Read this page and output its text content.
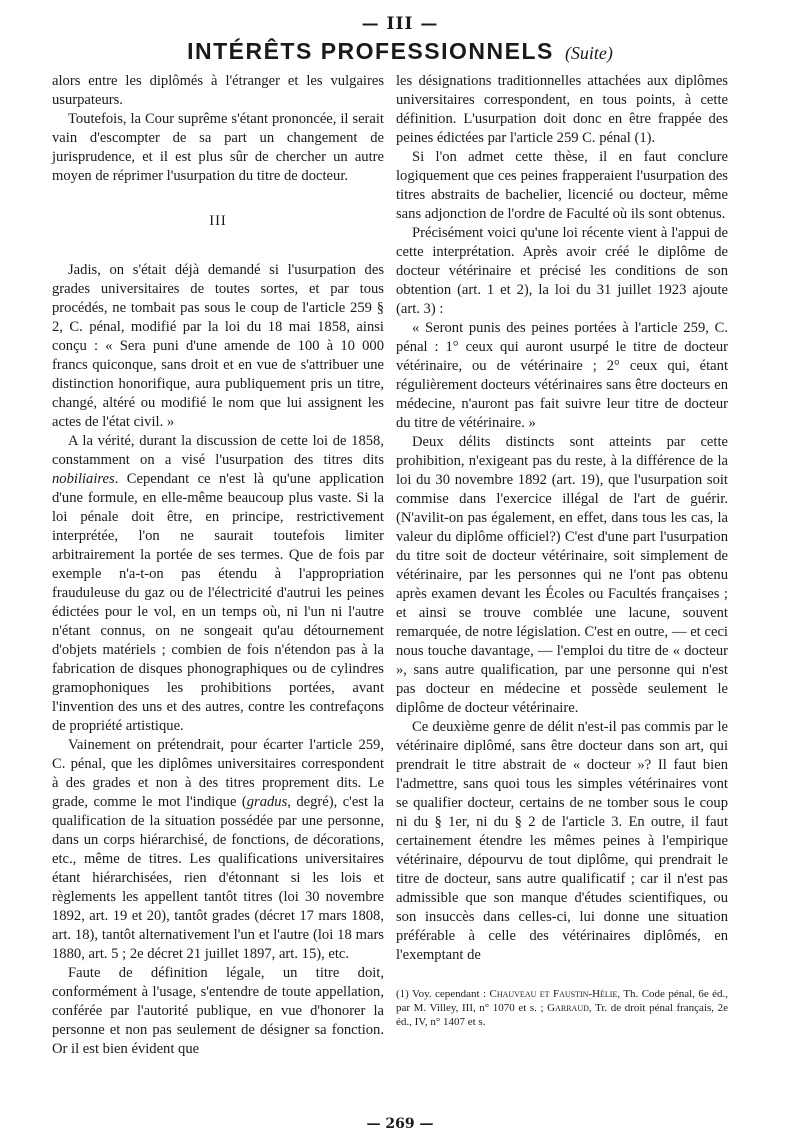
— III —
INTÉRÊTS PROFESSIONNELS (Suite)

alors entre les diplômés à l'étranger et les vulgaires usurpateurs.

Toutefois, la Cour suprême s'étant prononcée, il serait vain d'escompter de sa part un changement de jurisprudence, et il est plus sûr de chercher un autre moyen de réprimer l'usurpation du titre de docteur.

III

Jadis, on s'était déjà demandé si l'usurpation des grades universitaires de toutes sortes, et par tous procédés, ne tombait pas sous le coup de l'article 259 § 2, C. pénal, modifié par la loi du 18 mai 1858, ainsi conçu : « Sera puni d'une amende de 100 à 10 000 francs quiconque, sans droit et en vue de s'attribuer une distinction honorifique, aura publiquement pris un titre, changé, altéré ou modifié le nom que lui assignent les actes de l'état civil. »

A la vérité, durant la discussion de cette loi de 1858, constamment on a visé l'usurpation des titres dits nobiliaires. Cependant ce n'est là qu'une application d'une formule, en elle-même beaucoup plus vaste. Si la loi pénale doit être, en principe, restrictivement interprétée, l'on ne saurait toutefois limiter arbitrairement la portée de ses termes. Que de fois par exemple n'a-t-on pas étendu à l'appropriation frauduleuse du gaz ou de l'électricité d'autrui les peines édictées pour le vol, en un temps où, ni l'un ni l'autre n'étant connus, on ne songeait qu'au détournement d'objets matériels ; combien de fois n'étendon pas à la fabrication de disques phonographiques ou de cylindres gramophoniques les prohibitions portées, avant l'invention des uns et des autres, contre les contrefaçons de propriété artistique.

Vainement on prétendrait, pour écarter l'article 259, C. pénal, que les diplômes universitaires correspondent à des grades et non à des titres proprement dits. Le grade, comme le mot l'indique (gradus, degré), c'est la qualification de la situation possédée par une personne, dans un corps hiérarchisé, de fonctions, de décorations, etc., même de titres. Les qualifications universitaires étant hiérarchisées, rien d'étonnant si les lois et règlements les appellent tantôt titres (loi 30 novembre 1892, art. 19 et 20), tantôt grades (décret 17 mars 1808, art. 18), tantôt alternativement l'un et l'autre (loi 18 mars 1880, art. 5 ; 2e décret 21 juillet 1897, art. 15), etc.

Faute de définition légale, un titre doit, conformément à l'usage, s'entendre de toute appellation, conférée par l'autorité publique, en vue d'honorer la personne et non pas seulement de désigner sa fonction. Or il est bien évident que

les désignations traditionnelles attachées aux diplômes universitaires correspondent, en tous points, à cette définition. L'usurpation doit donc en être frappée des peines édictées par l'article 259 C. pénal (1).

Si l'on admet cette thèse, il en faut conclure logiquement que ces peines frapperaient l'usurpation des titres abstraits de bachelier, licencié ou docteur, même sans adjonction de l'ordre de Faculté où ils sont obtenus.

Précisément voici qu'une loi récente vient à l'appui de cette interprétation. Après avoir créé le diplôme de docteur vétérinaire et précisé les conditions de son obtention (art. 1 et 2), la loi du 31 juillet 1923 ajoute (art. 3) :

« Seront punis des peines portées à l'article 259, C. pénal : 1° ceux qui auront usurpé le titre de docteur vétérinaire, ou de vétérinaire ; 2° ceux qui, étant régulièrement docteurs vétérinaires sans être docteurs en médecine, n'auront pas fait suivre leur titre de docteur du titre de vétérinaire. »

Deux délits distincts sont atteints par cette prohibition, n'exigeant pas du reste, à la différence de la loi du 30 novembre 1892 (art. 19), que l'usurpation soit commise dans l'exercice illégal de l'art de guérir. (N'avilit-on pas également, en effet, dans tous les cas, la valeur du diplôme officiel?) C'est d'une part l'usurpation du titre soit de docteur vétérinaire, soit simplement de vétérinaire, par les personnes qui ne l'ont pas obtenu après examen devant les Écoles ou Facultés françaises ; et ainsi se trouve comblée une lacune, souvent remarquée, de notre législation. C'est en outre, — et ceci nous touche davantage, — l'emploi du titre de « docteur », sans autre qualification, par une personne qui n'est pas docteur en médecine et possède seulement le diplôme de docteur vétérinaire.

Ce deuxième genre de délit n'est-il pas commis par le vétérinaire diplômé, sans être docteur dans son art, qui prendrait le titre abstrait de « docteur »? Il faut bien l'admettre, sans quoi tous les simples vétérinaires vont se qualifier docteur, certains de ne tomber sous le coup ni du § 1er, ni du § 2 de l'article 3. En outre, il faut certainement étendre les mêmes peines à l'empirique vétérinaire, dépourvu de tout diplôme, qui prendrait le titre de docteur, sans autre qualificatif ; car il n'est pas admissible que son manque d'études scientifiques, ou son insuccès dans celles-ci, lui donne une situation préférable à celle des vétérinaires diplômés, en l'exemptant de

(1) Voy. cependant : Chauveau et Faustin-Hélie, Th. Code pénal, 6e éd., par M. Villey, III, n° 1070 et s. ; Garraud, Tr. de droit pénal français, 2e éd., IV, n° 1407 et s.
— 269 —
